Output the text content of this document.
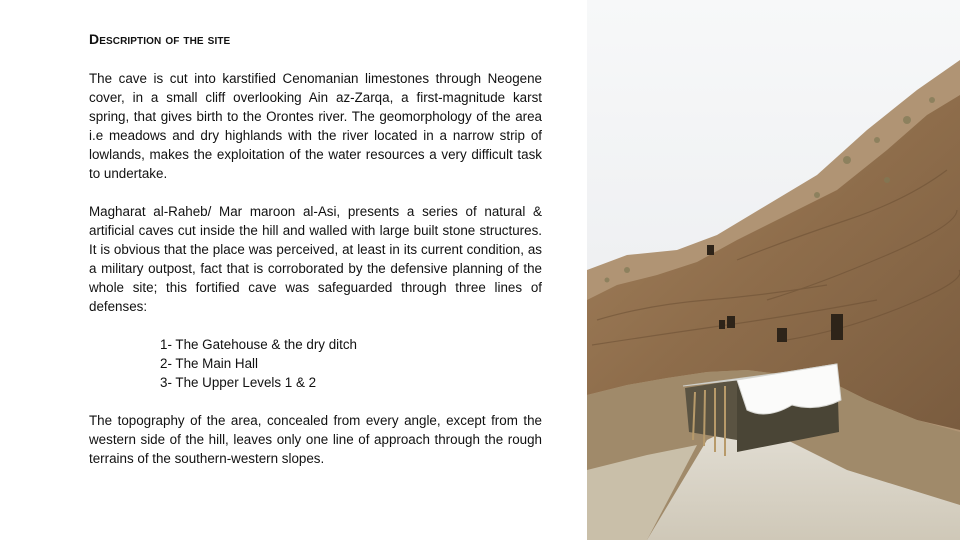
Description of the site

The cave is cut into karstified Cenomanian limestones through Neogene cover, in a small cliff overlooking Ain az-Zarqa, a first-magnitude karst spring, that gives birth to the Orontes river. The geomorphology of the area i.e meadows and dry highlands with the river located in a narrow strip of lowlands, makes the exploitation of the water resources a very difficult task to undertake.

Magharat al-Raheb/ Mar maroon al-Asi, presents a series of natural & artificial caves cut inside the hill and walled with large built stone structures. It is obvious that the place was perceived, at least in its current condition, as a military outpost, fact that is corroborated by the defensive planning of the whole site; this fortified cave was safeguarded through three lines of defenses:

1- The Gatehouse & the dry ditch
2- The Main Hall
3- The Upper Levels 1 & 2

The topography of the area, concealed from every angle, except from the western side of the hill, leaves only one line of approach through the rough terrains of the southern-western slopes.
